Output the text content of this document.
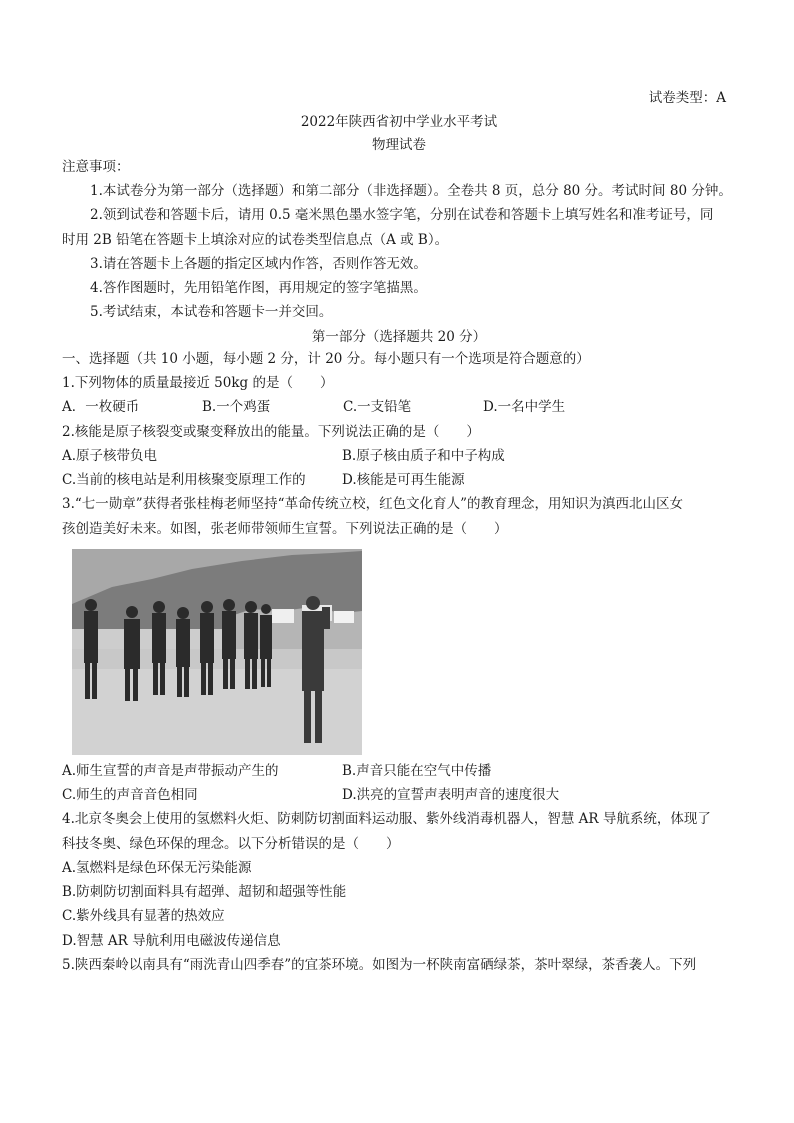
试卷类型：A
2022年陕西省初中学业水平考试
物理试卷
注意事项：
1.本试卷分为第一部分（选择题）和第二部分（非选择题）。全卷共 8 页，总分 80 分。考试时间 80 分钟。
2.领到试卷和答题卡后，请用 0.5 毫米黑色墨水签字笔，分别在试卷和答题卡上填写姓名和准考证号，同
时用 2B 铅笔在答题卡上填涂对应的试卷类型信息点（A 或 B）。
3.请在答题卡上各题的指定区域内作答，否则作答无效。
4.答作图题时，先用铅笔作图，再用规定的签字笔描黑。
5.考试结束，本试卷和答题卡一并交回。
第一部分（选择题共 20 分）
一、选择题（共 10 小题，每小题 2 分，计 20 分。每小题只有一个选项是符合题意的）
1.下列物体的质量最接近 50kg 的是（　　）
A．一枚硬币	B.一个鸡蛋	C.一支铅笔	D.一名中学生
2.核能是原子核裂变或聚变释放出的能量。下列说法正确的是（　　）
A.原子核带负电	B.原子核由质子和中子构成
C.当前的核电站是利用核聚变原理工作的	D.核能是可再生能源
3.“七一勋章”获得者张桂梅老师坚持“革命传统立校，红色文化育人”的教育理念，用知识为滇西北山区女
孩创造美好未来。如图，张老师带领师生宣誓。下列说法正确的是（　　）
A.师生宣誓的声音是声带振动产生的	B.声音只能在空气中传播
C.师生的声音音色相同	D.洪亮的宣誓声表明声音的速度很大
4.北京冬奥会上使用的氢燃料火炬、防刺防切割面料运动服、紫外线消毒机器人，智慧 AR 导航系统，体现了
科技冬奥、绿色环保的理念。以下分析错误的是（　　）
A.氢燃料是绿色环保无污染能源
B.防刺防切割面料具有超弹、超韧和超强等性能
C.紫外线具有显著的热效应
D.智慧 AR 导航利用电磁波传递信息
5.陕西秦岭以南具有“雨洗青山四季春”的宜茶环境。如图为一杯陕南富硒绿茶，茶叶翠绿，茶香袭人。下列
